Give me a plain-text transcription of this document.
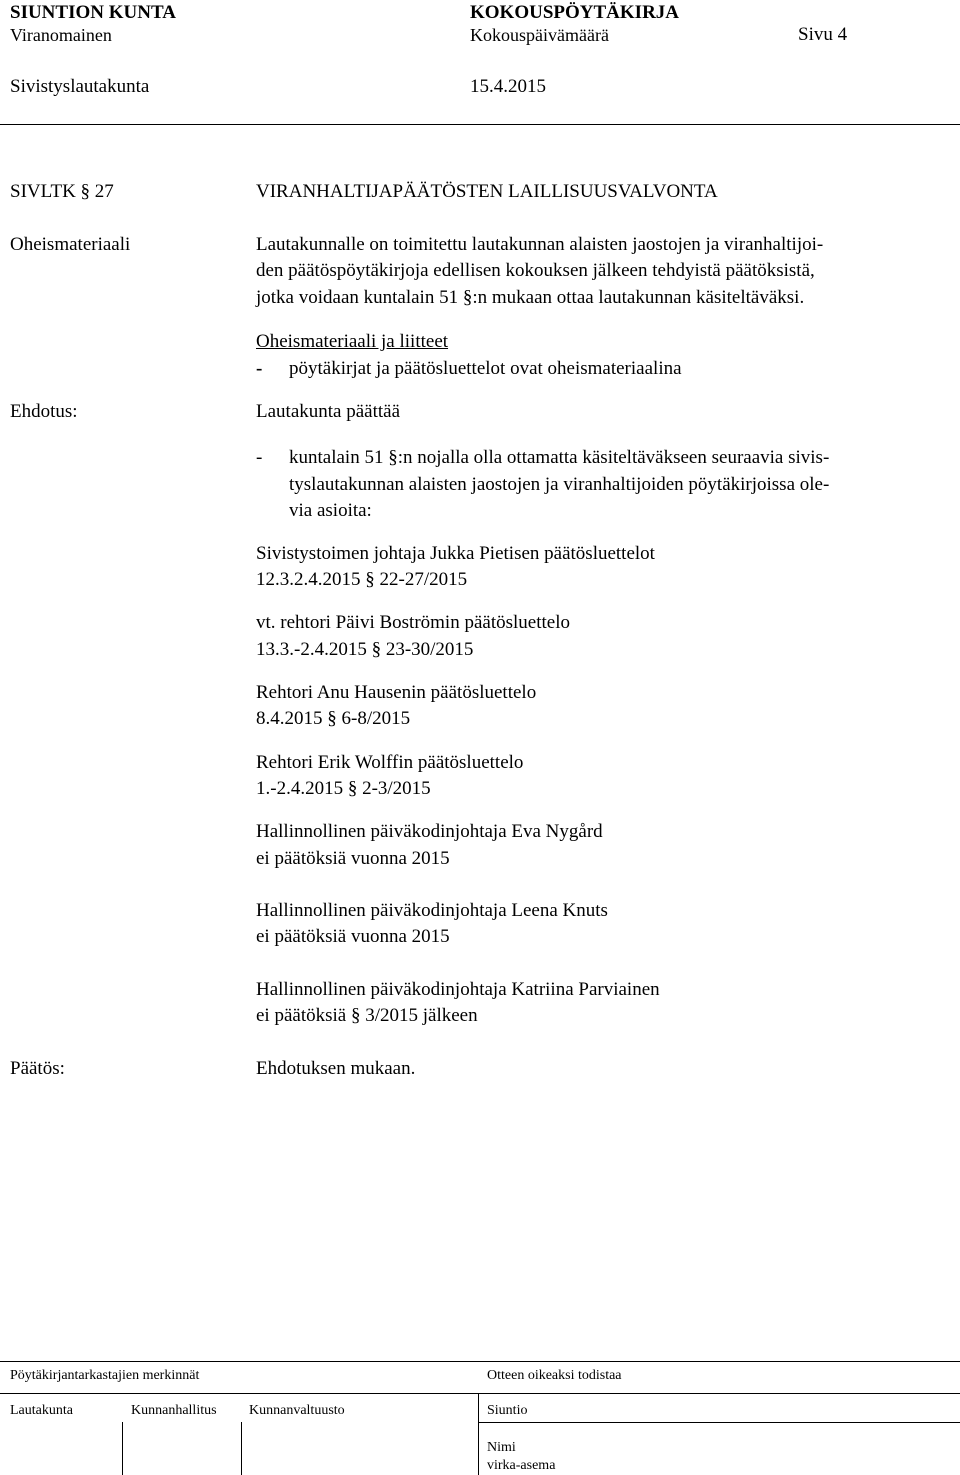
SIUNTION KUNTA	KOKOUSPÖYTÄKIRJA
Viranomainen	Kokouspäivämäärä	Sivu 4
Sivistyslautakunta	15.4.2015
SIVLTK § 27	VIRANHALTIJAPÄÄTÖSTEN LAILLISUUSVALVONTA
Oheismateriaali	Lautakunnalle on toimitettu lautakunnan alaisten jaostojen ja viranhaltijoi-
den päätöspöytäkirjoja edellisen kokouksen jälkeen tehdyistä päätöksistä,
jotka voidaan kuntalain 51 §:n mukaan ottaa lautakunnan käsiteltäväksi.
Oheismateriaali ja liitteet
- pöytäkirjat ja päätösluettelot ovat oheismateriaalina
Ehdotus:	Lautakunta päättää
- kuntalain 51 §:n nojalla olla ottamatta käsiteltäväkseen seuraavia sivis-
tyslautakunnan alaisten jaostojen ja viranhaltijoiden pöytäkirjoissa ole-
via asioita:
Sivistystoimen johtaja Jukka Pietisen päätösluettelot
12.3.2.4.2015 § 22-27/2015
vt. rehtori Päivi Boströmin päätösluettelo
13.3.-2.4.2015 § 23-30/2015
Rehtori Anu Hausenin päätösluettelo
8.4.2015 § 6-8/2015
Rehtori Erik Wolffin päätösluettelo
1.-2.4.2015 § 2-3/2015
Hallinnollinen päiväkodinjohtaja Eva Nygård
ei päätöksiä vuonna 2015
Hallinnollinen päiväkodinjohtaja Leena Knuts
ei päätöksiä vuonna 2015
Hallinnollinen päiväkodinjohtaja Katriina Parviainen
ei päätöksiä § 3/2015 jälkeen
Päätös:	Ehdotuksen mukaan.
Pöytäkirjantarkastajien merkinnät	Otteen oikeaksi todistaa
Lautakunta	Kunnanhallitus Kunnanvaltuusto	Siuntio
Nimi
virka-asema
